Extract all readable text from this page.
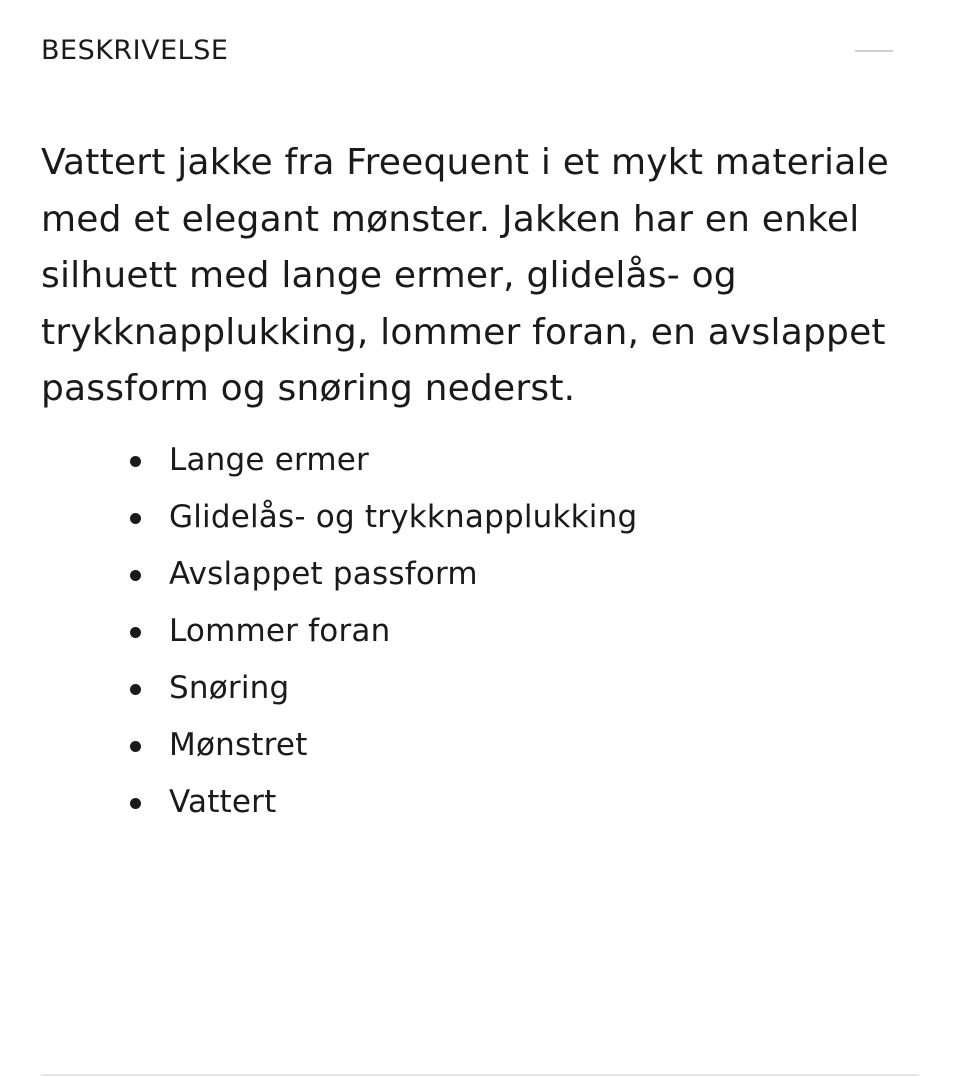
BESKRIVELSE

Vattert jakke fra Freequent i et mykt materiale med et elegant mønster. Jakken har en enkel silhuett med lange ermer, glidelås- og trykknapplukking, lommer foran, en avslappet passform og snøring nederst.

Lange ermer
Glidelås- og trykknapplukking
Avslappet passform
Lommer foran
Snøring
Mønstret
Vattert
